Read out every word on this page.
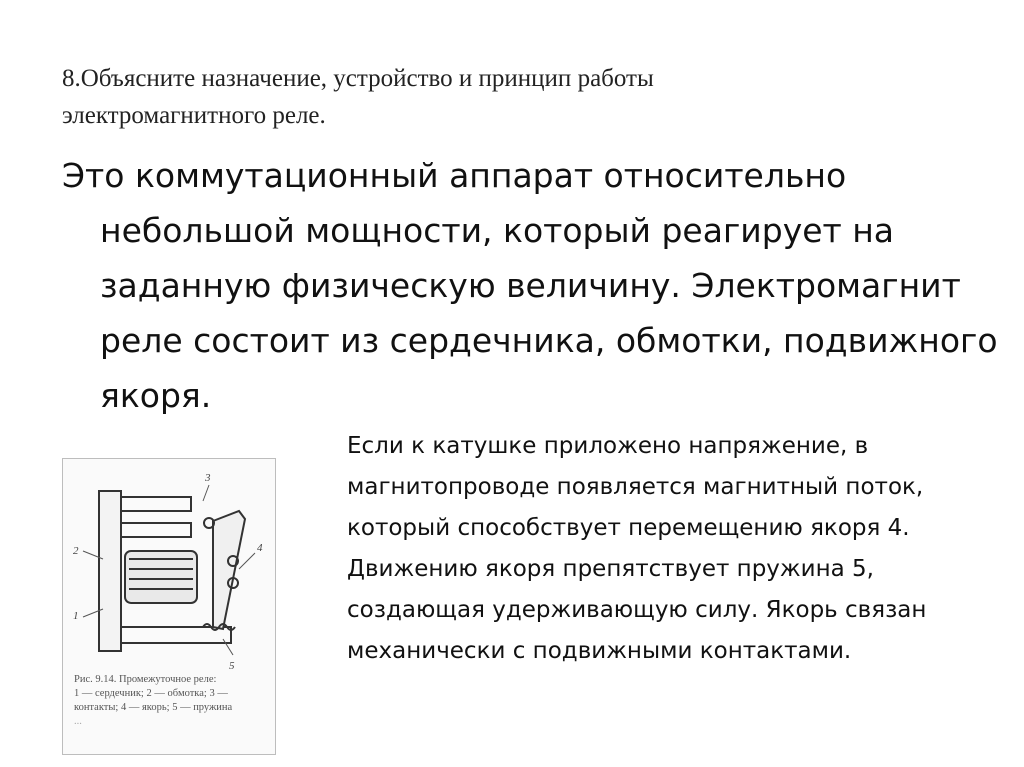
8.Объясните назначение, устройство и принцип работы
электромагнитного реле.

Это коммутационный аппарат относительно небольшой мощности, который реагирует на заданную физическую величину. Электромагнит реле состоит из сердечника, обмотки, подвижного якоря.

Если к катушке приложено напряжение, в магнитопроводе появляется магнитный поток, который способствует перемещению якоря 4. Движению якоря препятствует пружина 5, создающая удерживающую силу. Якорь связан механически с подвижными контактами.
1
2
3
4
5
Рис. 9.14. Промежуточное реле:
1 — сердечник; 2 — обмотка; 3 —
контакты; 4 — якорь; 5 — пружина
...
